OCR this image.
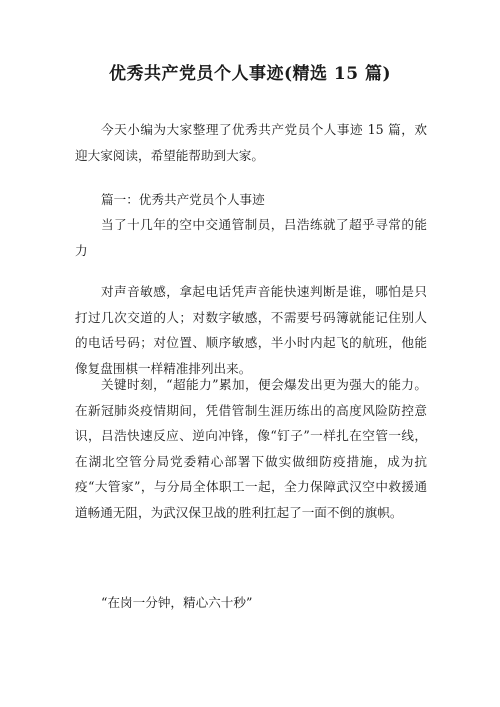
优秀共产党员个人事迹(精选 15 篇)

今天小编为大家整理了优秀共产党员个人事迹 15 篇，欢迎大家阅读，希望能帮助到大家。

篇一：优秀共产党员个人事迹

当了十几年的空中交通管制员，吕浩练就了超乎寻常的能力

对声音敏感，拿起电话凭声音能快速判断是谁，哪怕是只打过几次交道的人；对数字敏感，不需要号码簿就能记住别人的电话号码；对位置、顺序敏感，半小时内起飞的航班，他能像复盘围棋一样精准排列出来。

关键时刻，“超能力”累加，便会爆发出更为强大的能力。在新冠肺炎疫情期间，凭借管制生涯历练出的高度风险防控意识，吕浩快速反应、逆向冲锋，像“钉子”一样扎在空管一线，在湖北空管分局党委精心部署下做实做细防疫措施，成为抗疫“大管家”，与分局全体职工一起，全力保障武汉空中救援通道畅通无阻，为武汉保卫战的胜利扛起了一面不倒的旗帜。

“在岗一分钟，精心六十秒”
